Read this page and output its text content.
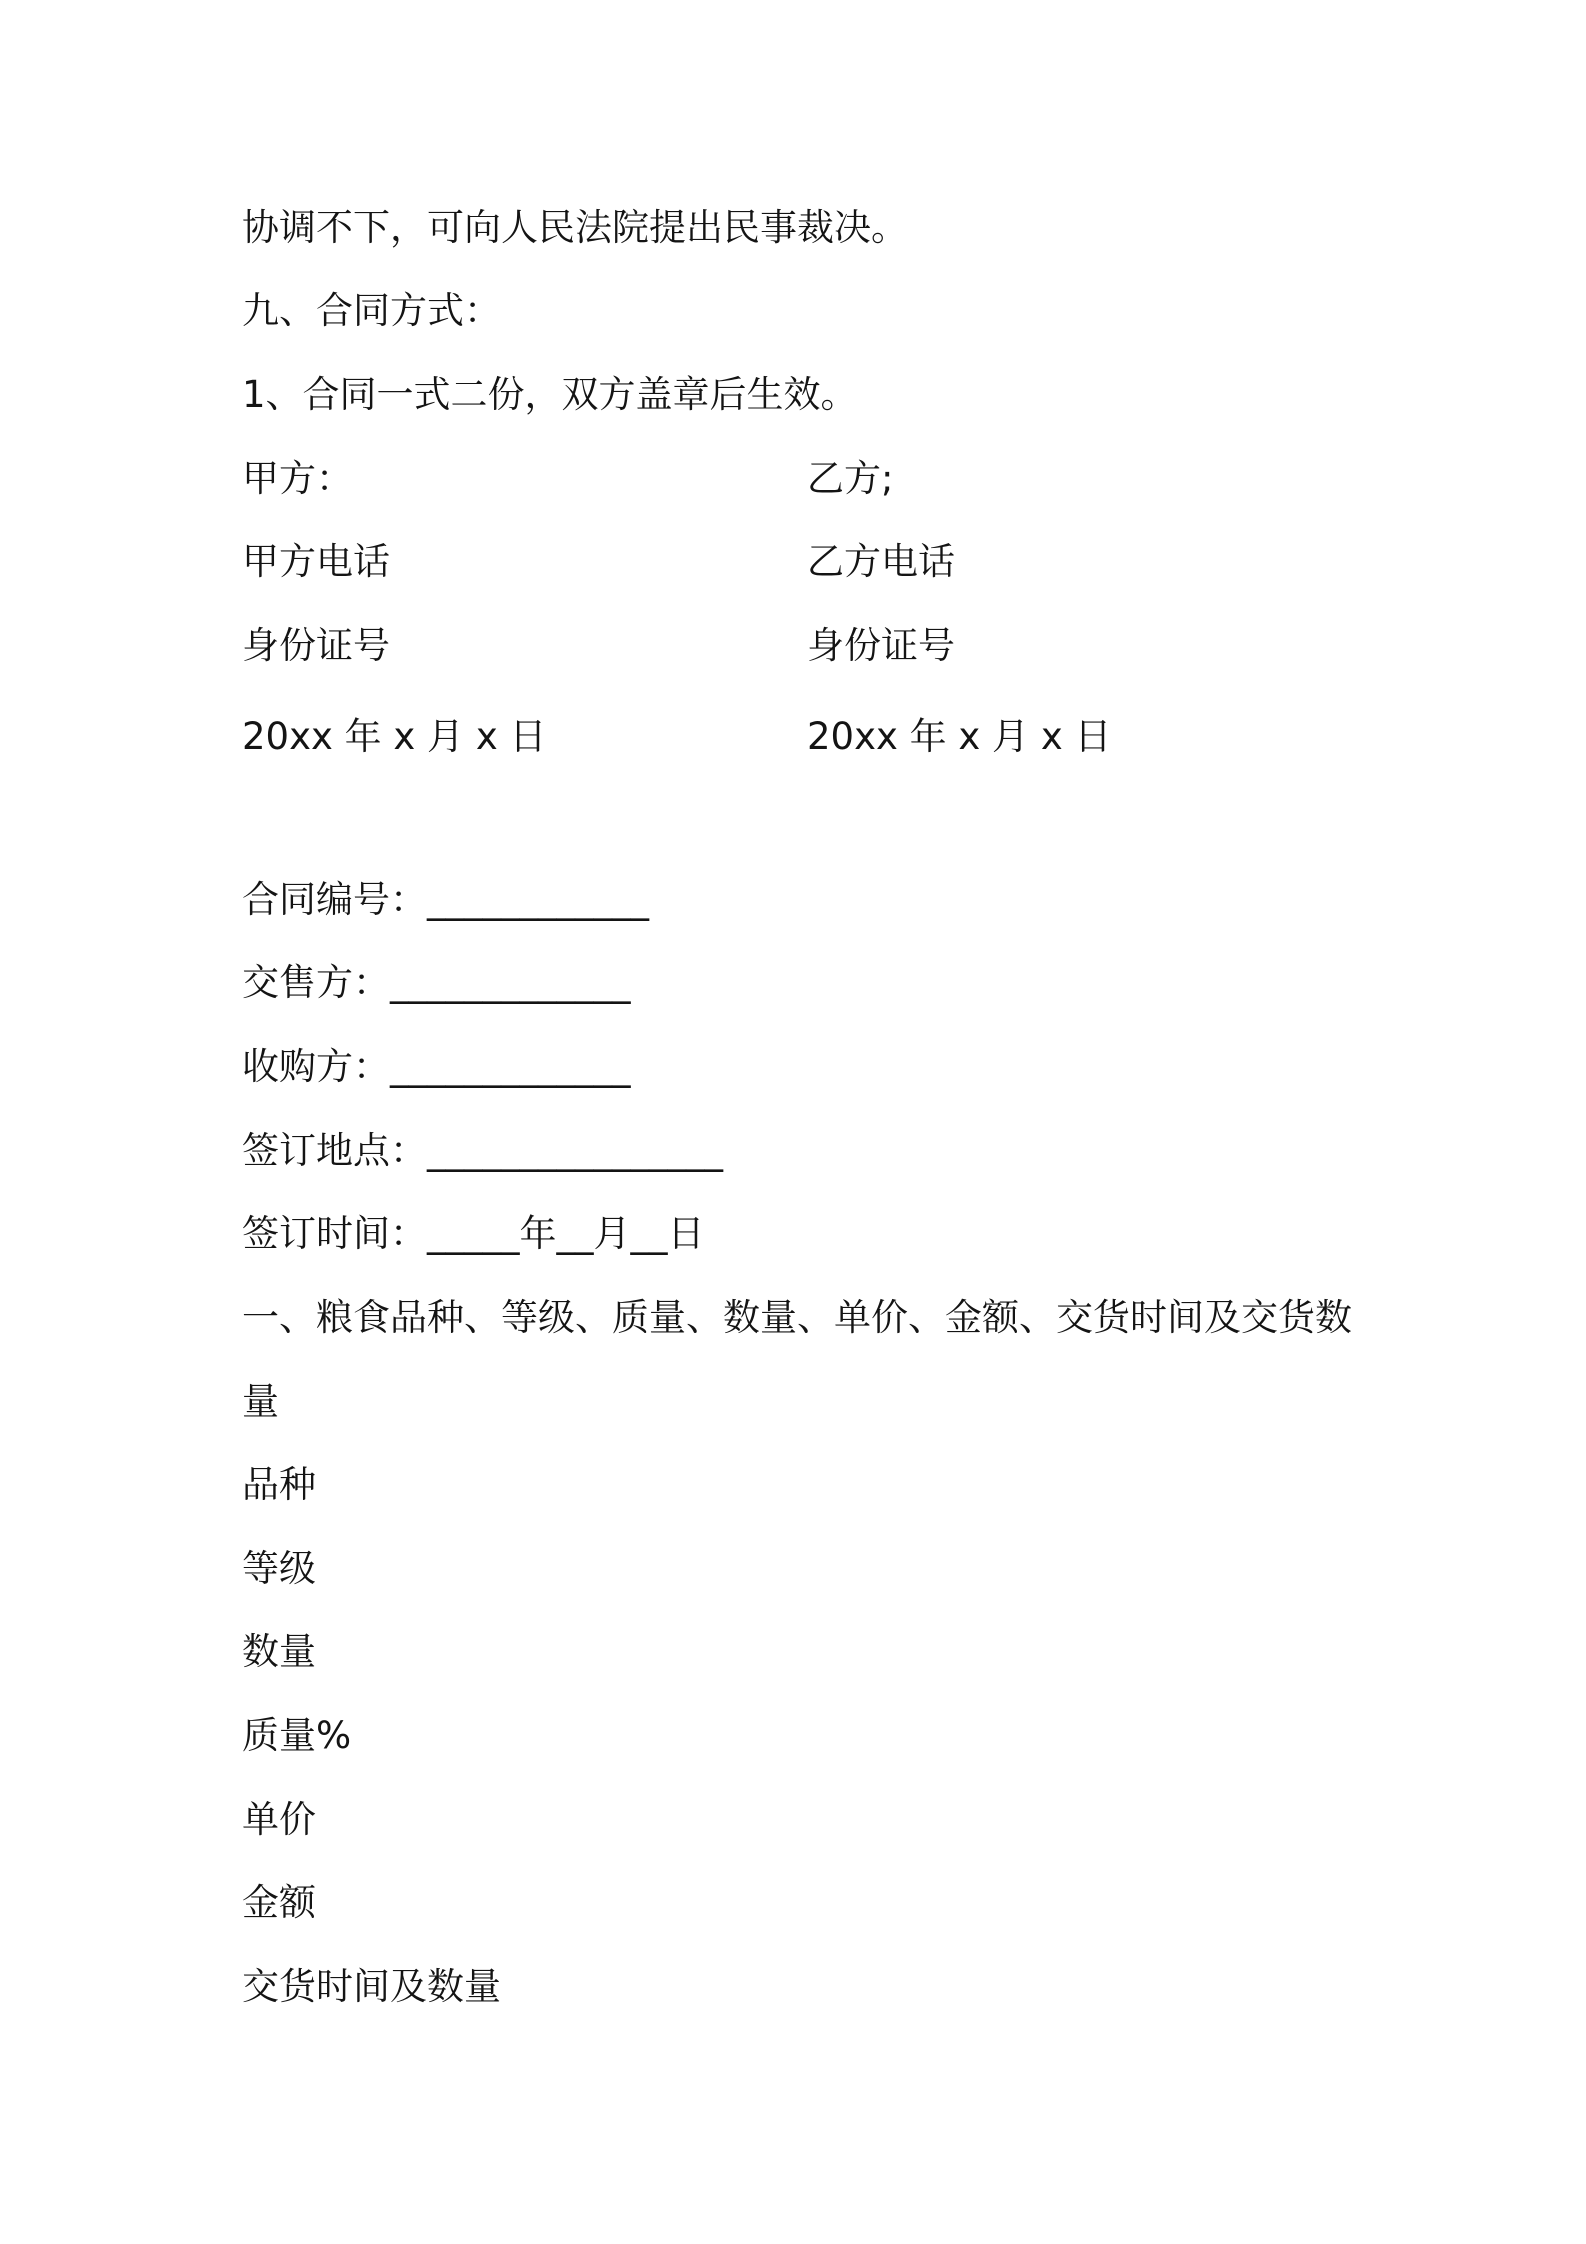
协调不下，可向人民法院提出民事裁决。
九、合同方式：
1、合同一式二份，双方盖章后生效。
甲方：	乙方;
甲方电话	乙方电话
身份证号	身份证号
20xx 年 x 月 x 日	20xx 年 x 月 x 日
合同编号：____________
交售方：_____________
收购方：_____________
签订地点：________________
签订时间：_____年__月__日
一、粮食品种、等级、质量、数量、单价、金额、交货时间及交货数
量
品种
等级
数量
质量%
单价
金额
交货时间及数量
